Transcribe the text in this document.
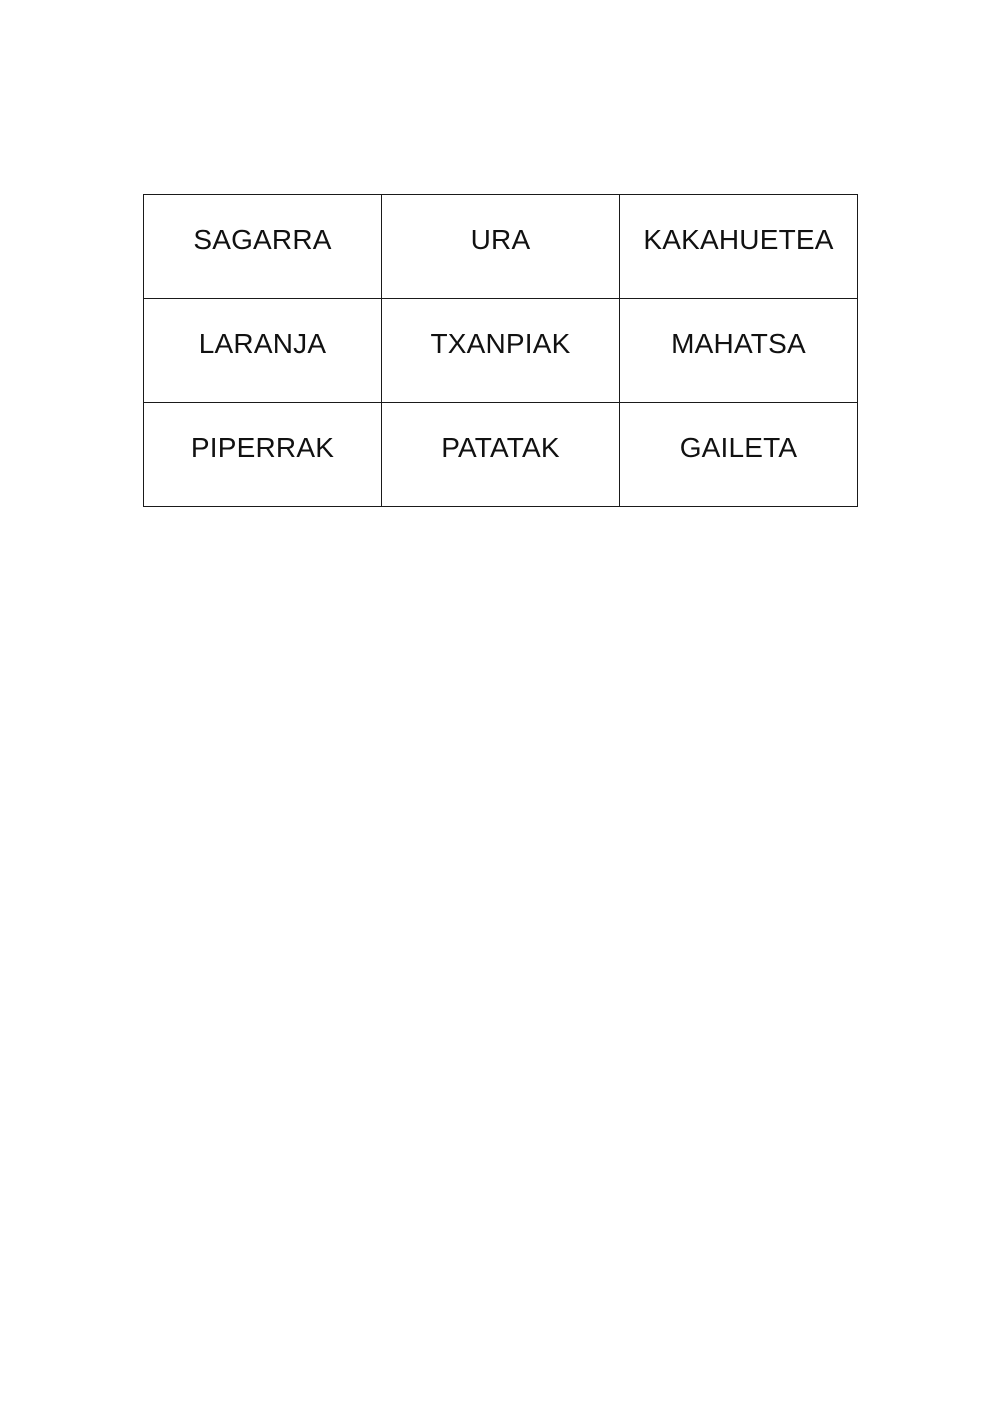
SAGARRA	URA	KAKAHUETEA
LARANJA	TXANPIAK	MAHATSA
PIPERRAK	PATATAK	GAILETA
